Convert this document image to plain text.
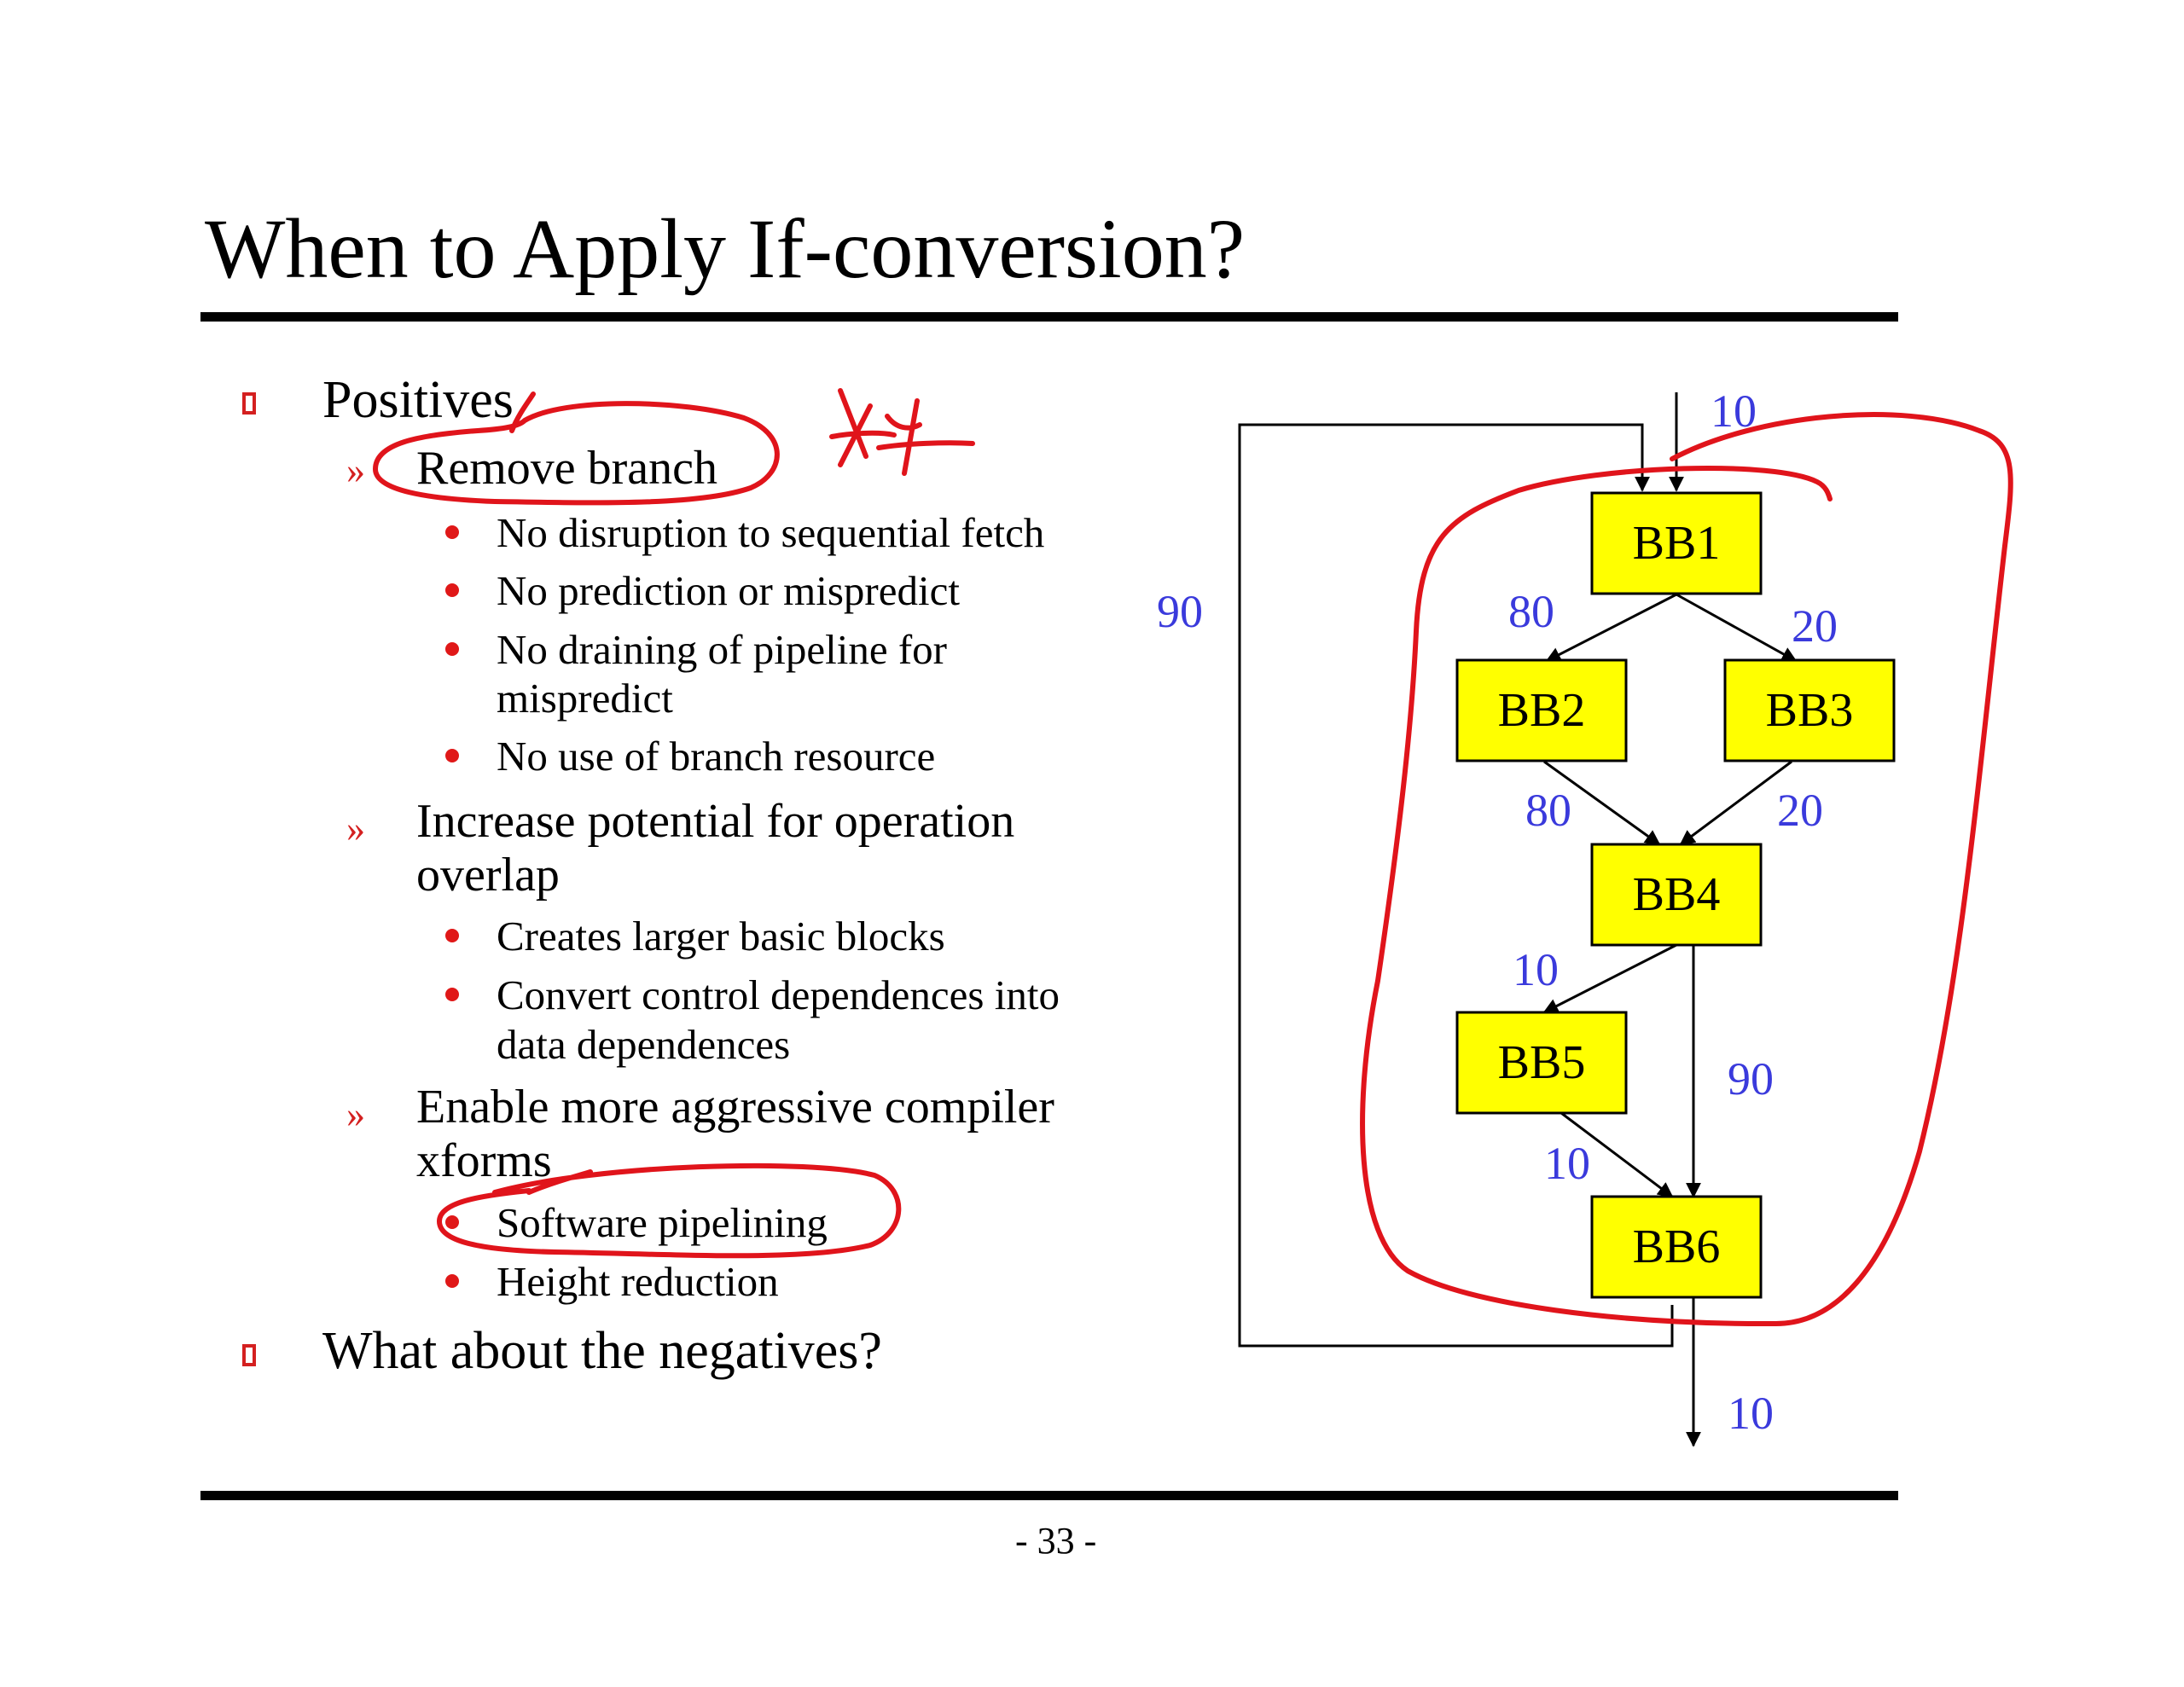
When to Apply If-conversion?
Positives
» Remove branch
No disruption to sequential fetch
No prediction or mispredict
No draining of pipeline for
mispredict
No use of branch resource
» Increase potential for operation
overlap
Creates larger basic blocks
Convert control dependences into
data dependences
» Enable more aggressive compiler
xforms
Software pipelining
Height reduction
What about the negatives?
BB1
BB2	BB3
BB4
BB5
BB6
10
90	80	20
80	20
10
90
10
10
- 33 -
